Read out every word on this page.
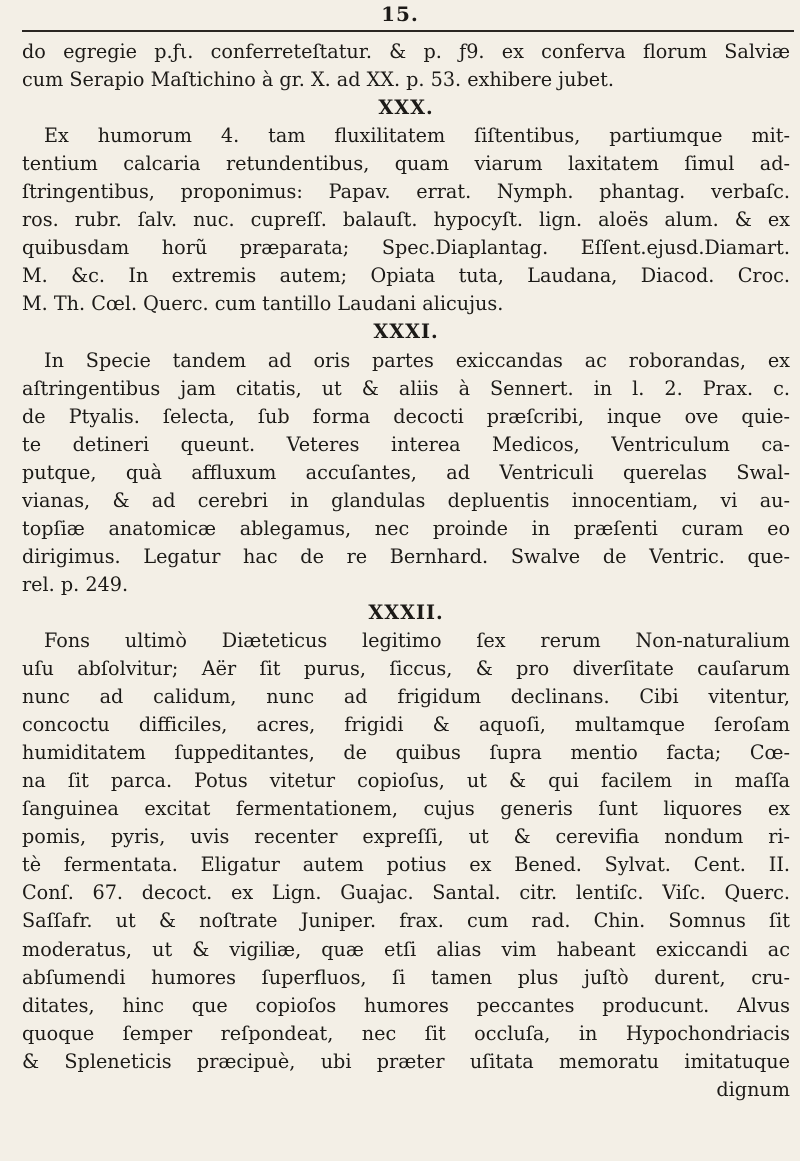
15.
do egregie p.ƒι. conferreteſtatur. & p. ƒ9. ex conferva florum Salviæ
cum Serapio Maſtichino à gr. X. ad XX. p. 53. exhibere jubet.
XXX.
Ex humorum 4. tam fluxilitatem ſiſtentibus, partiumque mit-
tentium calcaria retundentibus, quam viarum laxitatem ſimul ad-
ſtringentibus, proponimus: Papav. errat. Nymph. phantag. verbaſc.
ros. rubr. ſalv. nuc. cupreſſ. balauſt. hypocyſt. lign. aloës alum. & ex
quibusdam horũ præparata; Spec.Diaplantag. Eſſent.ejusd.Diamart.
M. &c. In extremis autem; Opiata tuta, Laudana, Diacod. Croc.
M. Th. Cœl. Querc. cum tantillo Laudani alicujus.
XXXI.
In Specie tandem ad oris partes exiccandas ac roborandas, ex
aſtringentibus jam citatis, ut & aliis à Sennert. in l. 2. Prax. c.
de Ptyalis. ſelecta, ſub forma decocti præſcribi, inque ove quie-
te detineri queunt. Veteres interea Medicos, Ventriculum ca-
putque, quà affluxum accuſantes, ad Ventriculi querelas Swal-
vianas, & ad cerebri in glandulas depluentis innocentiam, vi au-
topſiæ anatomicæ ablegamus, nec proinde in præſenti curam eo
dirigimus. Legatur hac de re Bernhard. Swalve de Ventric. que-
rel. p. 249.
XXXII.
Fons ultimò Diæteticus legitimo ſex rerum Non-naturalium
uſu abſolvitur; Aër ſit purus, ſiccus, & pro diverſitate cauſarum
nunc ad calidum, nunc ad frigidum declinans. Cibi vitentur,
concoctu difficiles, acres, frigidi & aquoſi, multamque ſeroſam
humiditatem ſuppeditantes, de quibus ſupra mentio facta; Cœ-
na ſit parca. Potus vitetur copioſus, ut & qui facilem in maſſa
ſanguinea excitat fermentationem, cujus generis ſunt liquores ex
pomis, pyris, uvis recenter expreſſi, ut & cerevifia nondum ri-
tè fermentata. Eligatur autem potius ex Bened. Sylvat. Cent. II.
Conſ. 67. decoct. ex Lign. Guajac. Santal. citr. lentiſc. Viſc. Querc.
Saſſafr. ut & noſtrate Juniper. frax. cum rad. Chin. Somnus ſit
moderatus, ut & vigiliæ, quæ etſi alias vim habeant exiccandi ac
abſumendi humores ſuperfluos, ſi tamen plus juſtò durent, cru-
ditates, hinc que copioſos humores peccantes producunt. Alvus
quoque ſemper reſpondeat, nec ſit occluſa, in Hypochondriacis
& Spleneticis præcipuè, ubi præter uſitata memoratu imitatuque
dignum
